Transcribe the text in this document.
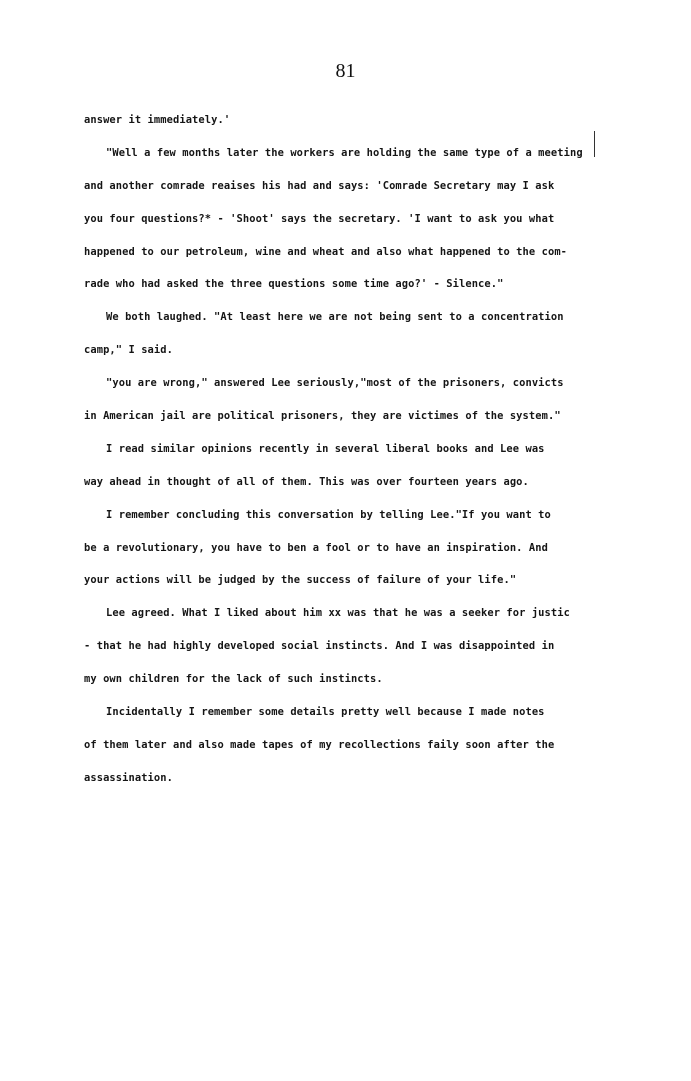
81
answer it immediately.'
"Well a few months later the workers are holding the same type of a meeting
and another comrade reaises his had and says: 'Comrade Secretary may I ask
you four questions?* - 'Shoot' says the secretary. 'I want to ask you what
happened to our petroleum, wine and wheat and also what happened to the com-
rade who had asked the three questions some time ago?' - Silence."
We both laughed. "At least here we are not being sent to a concentration
camp," I said.
"you are wrong," answered Lee seriously,"most of the prisoners, convicts
in American jail are political prisoners, they are victimes of the system."
I read similar opinions recently in several liberal books and Lee was
way ahead in thought of all of them. This was over fourteen years ago.
I remember concluding this conversation by telling Lee."If you want to
be a revolutionary, you have to ben a fool or to have an inspiration. And
your actions will be judged by the success of failure of your life."
Lee agreed. What I liked about him xx was that he was a seeker for justic
- that he had highly developed social instincts. And I was disappointed in
my own children for the lack of such instincts.
Incidentally I remember some details pretty well because I made notes
of them later and also made tapes of my recollections faily soon after the
assassination.
